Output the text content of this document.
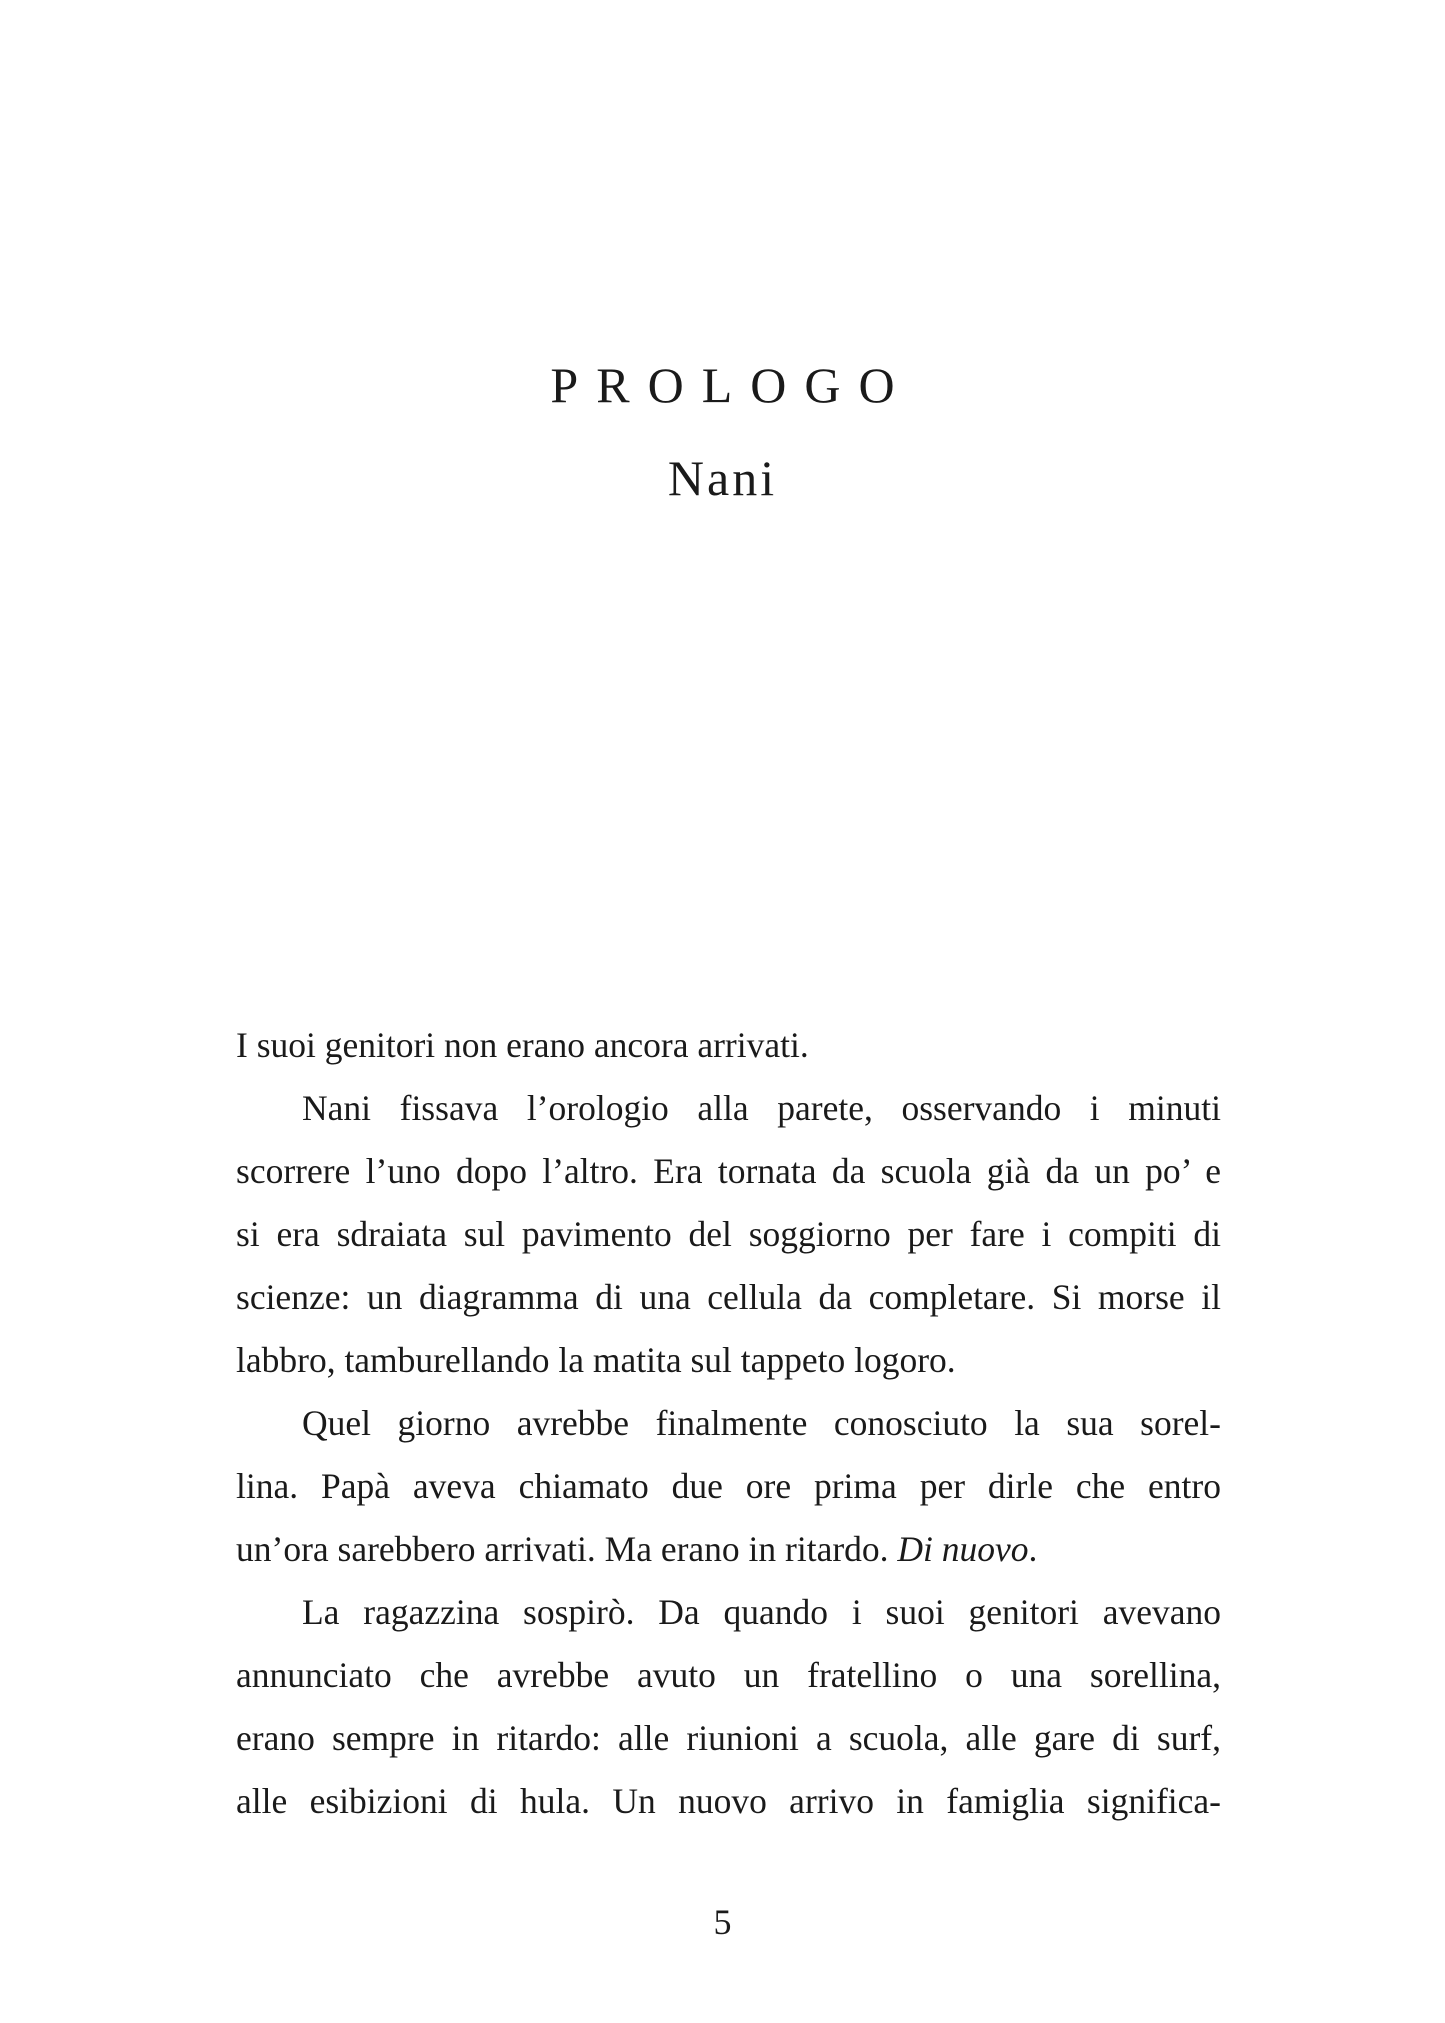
PROLOGO
Nani
I suoi genitori non erano ancora arrivati.
Nani fissava l’orologio alla parete, osservando i minuti
scorrere l’uno dopo l’altro. Era tornata da scuola già da un po’ e
si era sdraiata sul pavimento del soggiorno per fare i compiti di
scienze: un diagramma di una cellula da completare. Si morse il
labbro, tamburellando la matita sul tappeto logoro.
Quel giorno avrebbe finalmente conosciuto la sua sorel-
lina. Papà aveva chiamato due ore prima per dirle che entro
un’ora sarebbero arrivati. Ma erano in ritardo. Di nuovo.
La ragazzina sospirò. Da quando i suoi genitori avevano
annunciato che avrebbe avuto un fratellino o una sorellina,
erano sempre in ritardo: alle riunioni a scuola, alle gare di surf,
alle esibizioni di hula. Un nuovo arrivo in famiglia significa-
5
